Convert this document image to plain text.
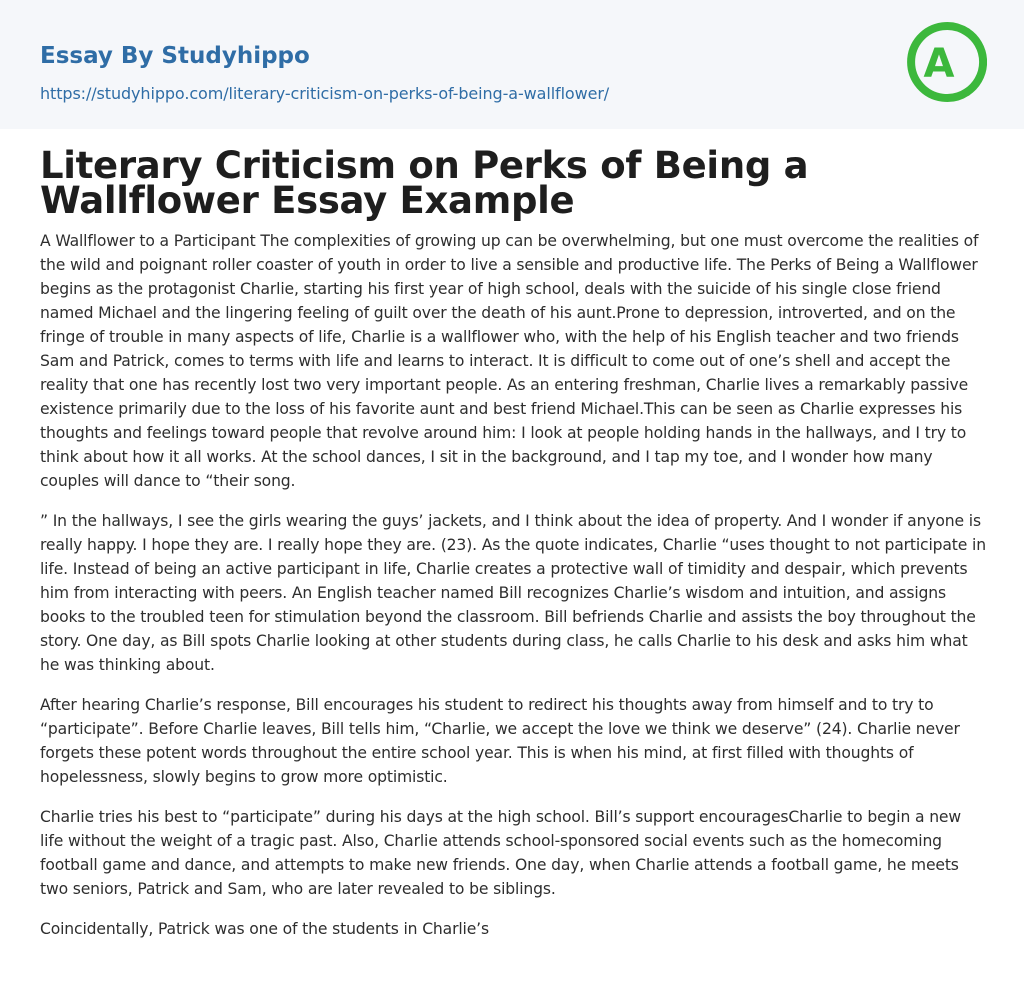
Essay By Studyhippo
https://studyhippo.com/literary-criticism-on-perks-of-being-a-wallflower/
A
Literary Criticism on Perks of Being a Wallflower Essay Example

A Wallflower to a Participant The complexities of growing up can be overwhelming, but one must overcome the realities of the wild and poignant roller coaster of youth in order to live a sensible and productive life. The Perks of Being a Wallflower begins as the protagonist Charlie, starting his first year of high school, deals with the suicide of his single close friend named Michael and the lingering feeling of guilt over the death of his aunt.Prone to depression, introverted, and on the fringe of trouble in many aspects of life, Charlie is a wallflower who, with the help of his English teacher and two friends Sam and Patrick, comes to terms with life and learns to interact. It is difficult to come out of one’s shell and accept the reality that one has recently lost two very important people. As an entering freshman, Charlie lives a remarkably passive existence primarily due to the loss of his favorite aunt and best friend Michael.This can be seen as Charlie expresses his thoughts and feelings toward people that revolve around him: I look at people holding hands in the hallways, and I try to think about how it all works. At the school dances, I sit in the background, and I tap my toe, and I wonder how many couples will dance to “their song.

” In the hallways, I see the girls wearing the guys’ jackets, and I think about the idea of property. And I wonder if anyone is really happy. I hope they are. I really hope they are. (23). As the quote indicates, Charlie “uses thought to not participate in life. Instead of being an active participant in life, Charlie creates a protective wall of timidity and despair, which prevents him from interacting with peers. An English teacher named Bill recognizes Charlie’s wisdom and intuition, and assigns books to the troubled teen for stimulation beyond the classroom. Bill befriends Charlie and assists the boy throughout the story. One day, as Bill spots Charlie looking at other students during class, he calls Charlie to his desk and asks him what he was thinking about.

After hearing Charlie’s response, Bill encourages his student to redirect his thoughts away from himself and to try to “participate”. Before Charlie leaves, Bill tells him, “Charlie, we accept the love we think we deserve” (24). Charlie never forgets these potent words throughout the entire school year. This is when his mind, at first filled with thoughts of hopelessness, slowly begins to grow more optimistic.

Charlie tries his best to “participate” during his days at the high school. Bill’s support encouragesCharlie to begin a new life without the weight of a tragic past. Also, Charlie attends school-sponsored social events such as the homecoming football game and dance, and attempts to make new friends. One day, when Charlie attends a football game, he meets two seniors, Patrick and Sam, who are later revealed to be siblings.

Coincidentally, Patrick was one of the students in Charlie’s
